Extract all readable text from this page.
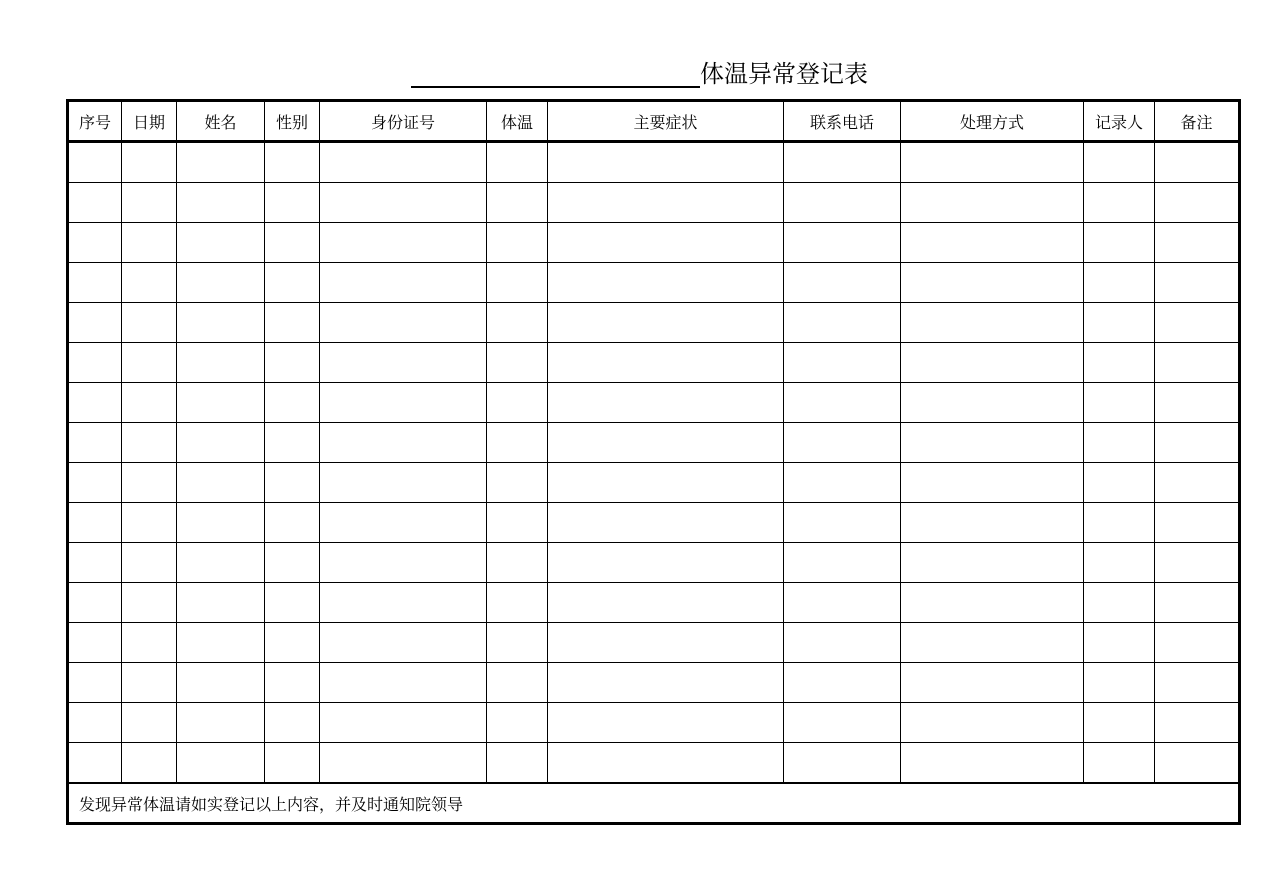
体温异常登记表
序号	日期	姓名	性别	身份证号	体温	主要症状	联系电话	处理方式	记录人	备注

发现异常体温请如实登记以上内容，并及时通知院领导										
